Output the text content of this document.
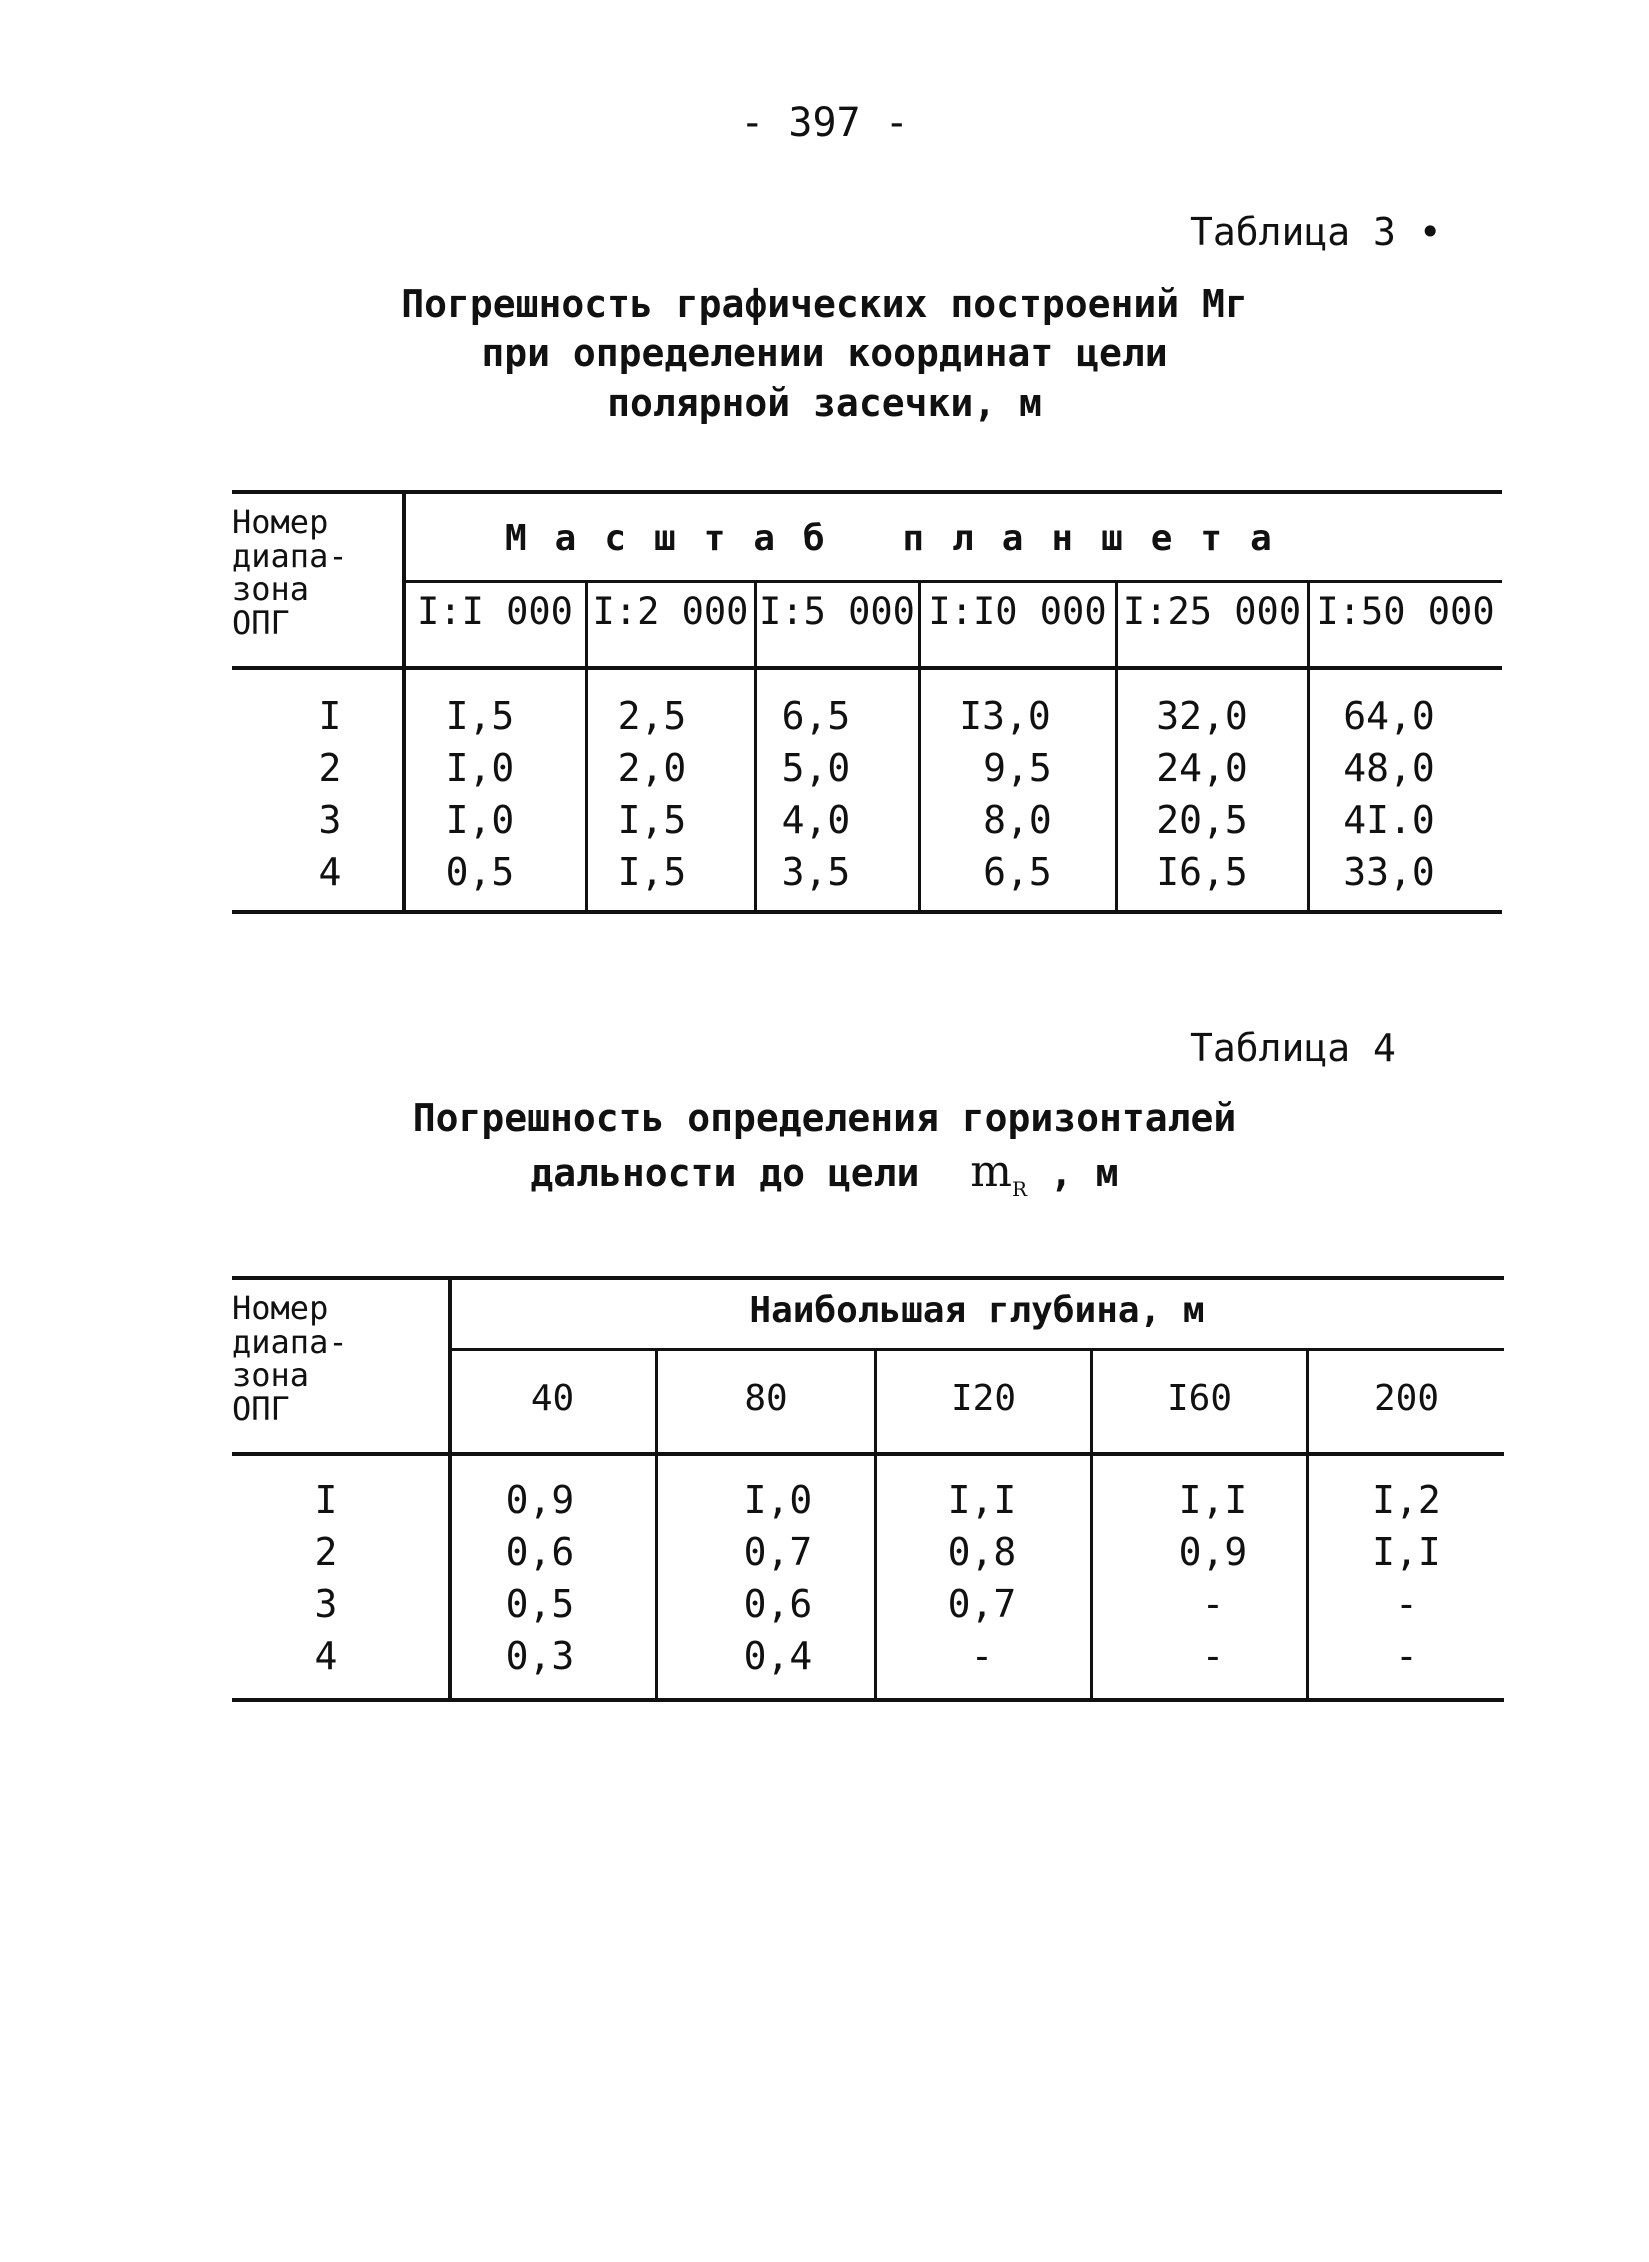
- 397 -
Таблица 3 •
Погрешность графических построений Мг
при определении координат цели
полярной засечки, м
Номер
диапа-
зона
ОПГ
Масштаб планшета
I:I 000 I:2 000 I:5 000 I:I0 000 I:25 000 I:50 000
I	I,5	2,5	6,5	I3,0	32,0	64,0
2	I,0	2,0	5,0	9,5	24,0	48,0
3	I,0	I,5	4,0	8,0	20,5	4I.0
4	0,5	I,5	3,5	6,5	I6,5	33,0
Таблица 4
Погрешность определения горизонталей
дальности до цели $m_R$ , м
Номер
диапа-
зона
ОПГ
Наибольшая глубина, м
40	80	I20	I60	200
I	0,9	I,0	I,I	I,I	I,2
2	0,6	0,7	0,8	0,9	I,I
3	0,5	0,6	0,7	-	-
4	0,3	0,4	-	-	-
